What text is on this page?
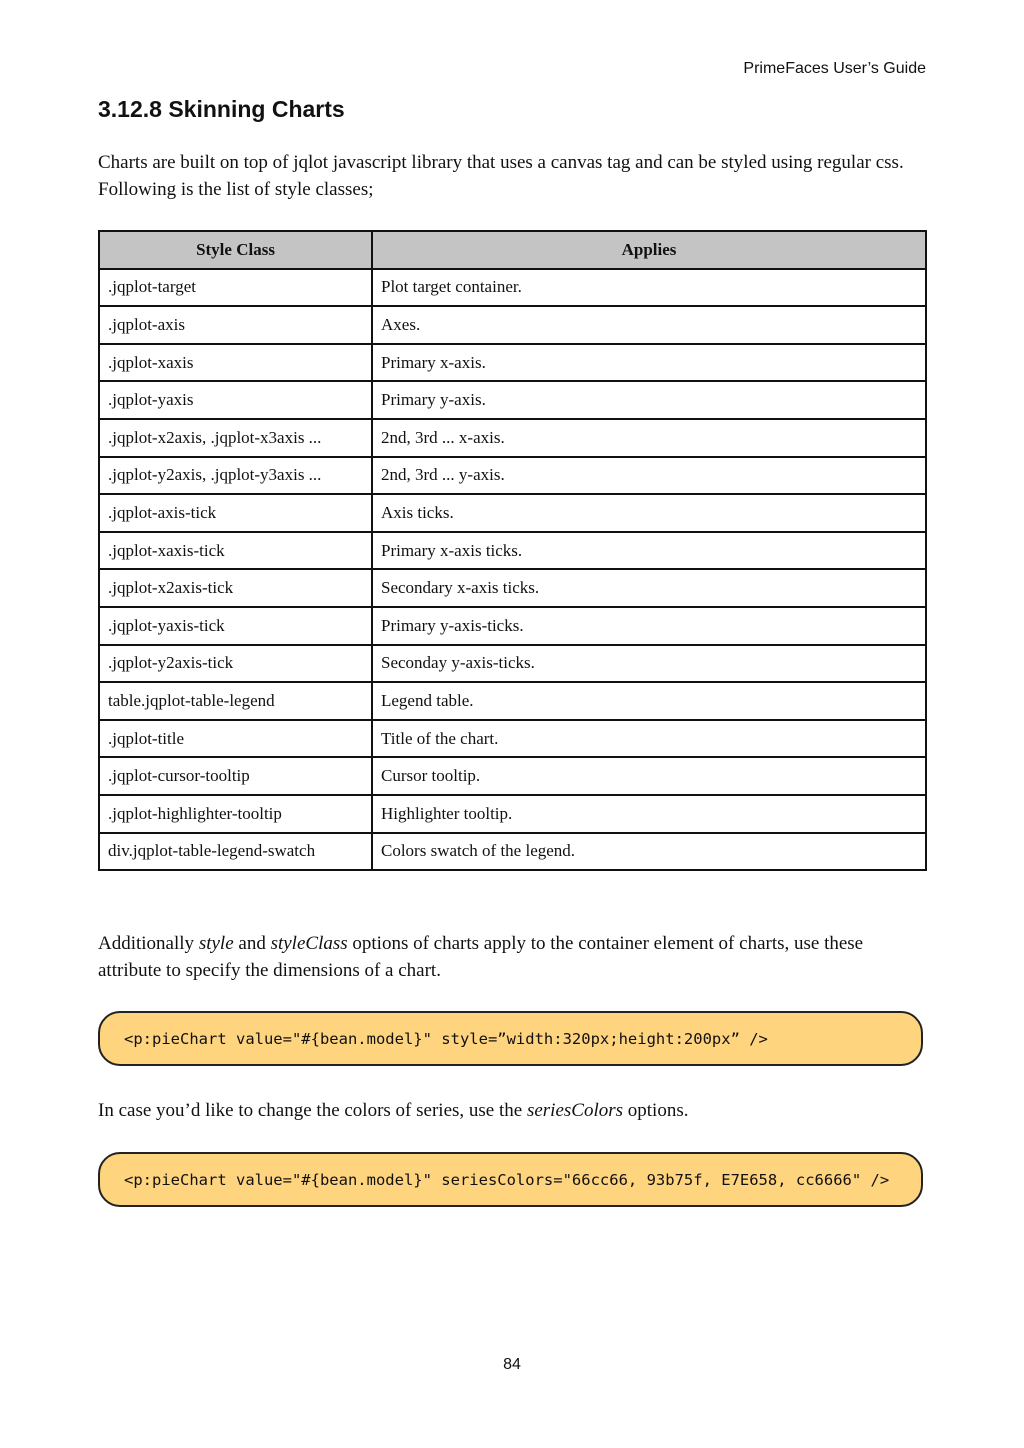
PrimeFaces User’s Guide
3.12.8 Skinning Charts

Charts are built on top of jqlot javascript library that uses a canvas tag and can be styled using regular css. Following is the list of style classes;

Style Class	Applies
.jqplot-target	Plot target container.
.jqplot-axis	Axes.
.jqplot-xaxis	Primary x-axis.
.jqplot-yaxis	Primary y-axis.
.jqplot-x2axis, .jqplot-x3axis ...	2nd, 3rd ... x-axis.
.jqplot-y2axis, .jqplot-y3axis ...	2nd, 3rd ... y-axis.
.jqplot-axis-tick	Axis ticks.
.jqplot-xaxis-tick	Primary x-axis ticks.
.jqplot-x2axis-tick	Secondary x-axis ticks.
.jqplot-yaxis-tick	Primary y-axis-ticks.
.jqplot-y2axis-tick	Seconday y-axis-ticks.
table.jqplot-table-legend	Legend table.
.jqplot-title	Title of the chart.
.jqplot-cursor-tooltip	Cursor tooltip.
.jqplot-highlighter-tooltip	Highlighter tooltip.
div.jqplot-table-legend-swatch	Colors swatch of the legend.

Additionally style and styleClass options of charts apply to the container element of charts, use these attribute to specify the dimensions of a chart.

<p:pieChart value="#{bean.model}" style=”width:320px;height:200px” />

In case you’d like to change the colors of series, use the seriesColors options.

<p:pieChart value="#{bean.model}" seriesColors="66cc66, 93b75f, E7E658, cc6666" />
84
